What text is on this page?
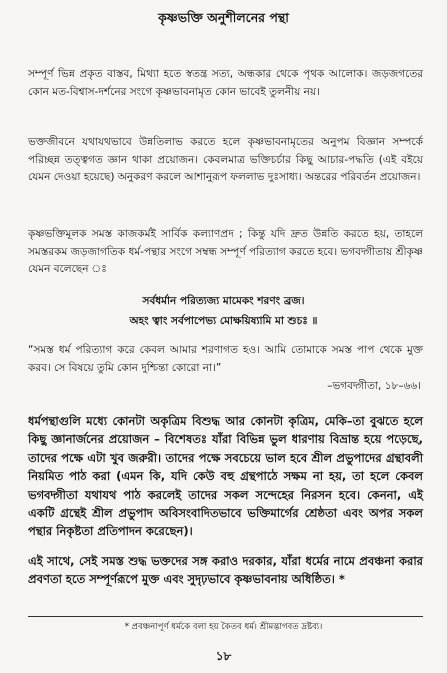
কৃষ্ণভক্তি অনুশীলনের পন্থা

সম্পূর্ণ ভিন্ন প্রকৃত বাস্তব, মিথ্যা হতে স্বতন্ত্র সত্য, অন্ধকার থেকে পৃথক আলোক। জড়জগতের কোন মত-বিশ্বাস-দর্শনের সংগে কৃষ্ণভাবনামৃত কোন ভাবেই তুলনীয় নয়।

ভক্তজীবনে যথাযথভাবে উন্নতিলাভ করতে হলে কৃষ্ণভাবনামৃতের অনুপম বিজ্ঞান সম্পর্কে পরিচ্ছন্ন তত্ত্বগত জ্ঞান থাকা প্রয়োজন। কেবলমাত্র ভক্তিচর্চার কিছু আচার-পদ্ধতি (এই বইয়ে যেমন দেওয়া হয়েছে) অনুকরণ করলে আশানুরূপ ফললাভ দুঃসাধ্য। অন্তরের পরিবর্তন প্রয়োজন।

কৃষ্ণভক্তিমূলক সমস্ত কাজকর্মই সার্বিক কল্যাণপ্রদ ; কিন্তু যদি দ্রুত উন্নতি করতে হয়, তাহলে সমস্তরকম জড়জাগতিক ধর্ম-পন্থার সংগে সম্বন্ধ সম্পূর্ণ পরিত্যাগ করতে হবে। ভগবদ্গীতায় শ্রীকৃষ্ণ যেমন বলেছেন ঃ

সর্বধর্মান পরিত্যজ্য মামেকং শরণং ব্রজ।
অহং ত্বাং সর্বপাপেভ্য মোক্ষয়িষ্যামি মা শুচঃ ॥

“সমস্ত ধর্ম পরিত্যাগ করে কেবল আমার শরণাগত হও। আমি তোমাকে সমস্ত পাপ থেকে মুক্ত করব। সে বিষয়ে তুমি কোন দুশ্চিন্তা কোরো না।”

–ভগবদ্গীতা, ১৮–৬৬।

ধর্মপন্থাগুলি মধ্যে কোনটা অকৃত্রিম বিশুদ্ধ আর কোনটা কৃত্রিম, মেকি–তা বুঝতে হলে কিছু জ্ঞানার্জনের প্রয়োজন – বিশেষতঃ যাঁরা বিভিন্ন ভুল ধারণায় বিভ্রান্ত হয়ে পড়েছে, তাদের পক্ষে এটা খুব জরুরী। তাদের পক্ষে সবচেয়ে ভাল হবে শ্রীল প্রভুপাদের গ্রন্থাবলী নিয়মিত পাঠ করা (এমন কি, যদি কেউ বহু গ্রন্থপাঠে সক্ষম না হয়, তা হলে কেবল ভগবদ্গীতা যথাযথ পাঠ করলেই তাদের সকল সন্দেহের নিরসন হবে। কেননা, এই একটি গ্রন্থেই শ্রীল প্রভুপাদ অবিসংবাদিতভাবে ভক্তিমার্গের শ্রেষ্ঠতা এবং অপর সকল পন্থার নিকৃষ্টতা প্রতিপাদন করেছেন)।

এই সাথে, সেই সমস্ত শুদ্ধ ভক্তদের সঙ্গ করাও দরকার, যাঁরা ধর্মের নামে প্রবঞ্চনা করার প্রবণতা হতে সম্পূর্ণরূপে মুক্ত এবং সুদৃঢ়ভাবে কৃষ্ণভাবনায় অধিষ্ঠিত। *

* প্রবঞ্চনাপূর্ণ ধর্মকে বলা হয় কৈতব ধর্ম। শ্রীমদ্ভাগবত দ্রষ্টব্য।
১৮
